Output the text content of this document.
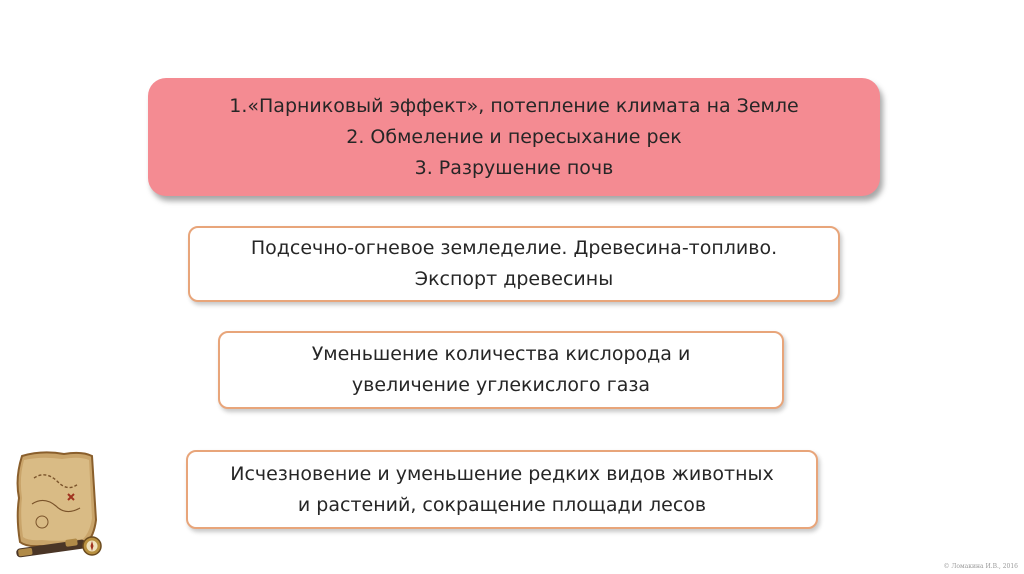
1.«Парниковый эффект», потепление климата на Земле
2. Обмеление и пересыхание рек
3. Разрушение почв
Подсечно-огневое земледелие. Древесина-топливо.
Экспорт древесины
Уменьшение количества кислорода и
увеличение углекислого газа
Исчезновение и уменьшение редких видов животных
и растений, сокращение площади лесов
© Ломакина И.В., 2016
